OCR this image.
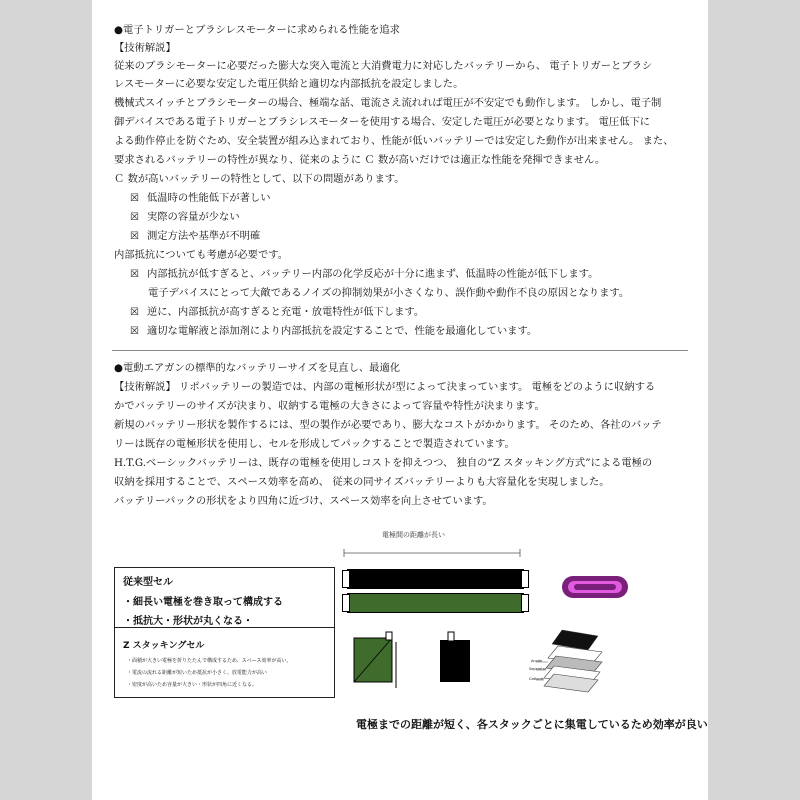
●電子トリガーとブラシレスモーターに求められる性能を追求
【技術解説】
従来のブラシモーターに必要だった膨大な突入電流と大消費電力に対応したバッテリーから、 電子トリガーとブラシ
レスモーターに必要な安定した電圧供給と適切な内部抵抗を設定しました。
機械式スイッチとブラシモーターの場合、極端な話、電流さえ流れれば電圧が不安定でも動作します。 しかし、電子制
御デバイスである電子トリガーとブラシレスモーターを使用する場合、安定した電圧が必要となります。 電圧低下に
よる動作停止を防ぐため、安全装置が組み込まれており、性能が低いバッテリーでは安定した動作が出来ません。 また、
要求されるバッテリーの特性が異なり、従来のように Ｃ 数が高いだけでは適正な性能を発揮できません。
Ｃ 数が高いバッテリーの特性として、以下の問題があります。
☒ 低温時の性能低下が著しい
☒ 実際の容量が少ない
☒ 測定方法や基準が不明確
内部抵抗についても考慮が必要です。
☒ 内部抵抗が低すぎると、バッテリー内部の化学反応が十分に進まず、低温時の性能が低下します。
電子デバイスにとって大敵であるノイズの抑制効果が小さくなり、誤作動や動作不良の原因となります。
☒ 逆に、内部抵抗が高すぎると充電・放電特性が低下します。
☒ 適切な電解液と添加剤により内部抵抗を設定することで、性能を最適化しています。
●電動エアガンの標準的なバッテリーサイズを見直し、最適化
【技術解説】 リポバッテリーの製造では、内部の電極形状が型によって決まっています。 電極をどのように収納する
かでバッテリーのサイズが決まり、収納する電極の大きさによって容量や特性が決まります。
新規のバッテリー形状を製作するには、型の製作が必要であり、膨大なコストがかかります。 そのため、各社のバッテ
リーは既存の電極形状を使用し、セルを形成してパックすることで製造されています。
H.T.G.ベーシックバッテリーは、既存の電極を使用しコストを抑えつつ、 独自の“Z スタッキング方式”による電極の
収納を採用することで、スペース効率を高め、 従来の同サイズバッテリーよりも大容量化を実現しました。
バッテリーパックの形状をより四角に近づけ、スペース効率を向上させています。
電極間の距離が長い
従来型セル
・細長い電極を巻き取って構成する
・抵抗大・形状が丸くなる・
Z スタッキングセル
・面積が大きい電極を折りたたんで構成するため、スペース効率が高い。
・電流の流れる距離が短いため抵抗が小さく、放電能力が高い
・密度が高いため容量が大きい・形状が四角に近くなる。
Anode
Separator
Cathode
電極までの距離が短く、各スタックごとに集電しているため効率が良い
